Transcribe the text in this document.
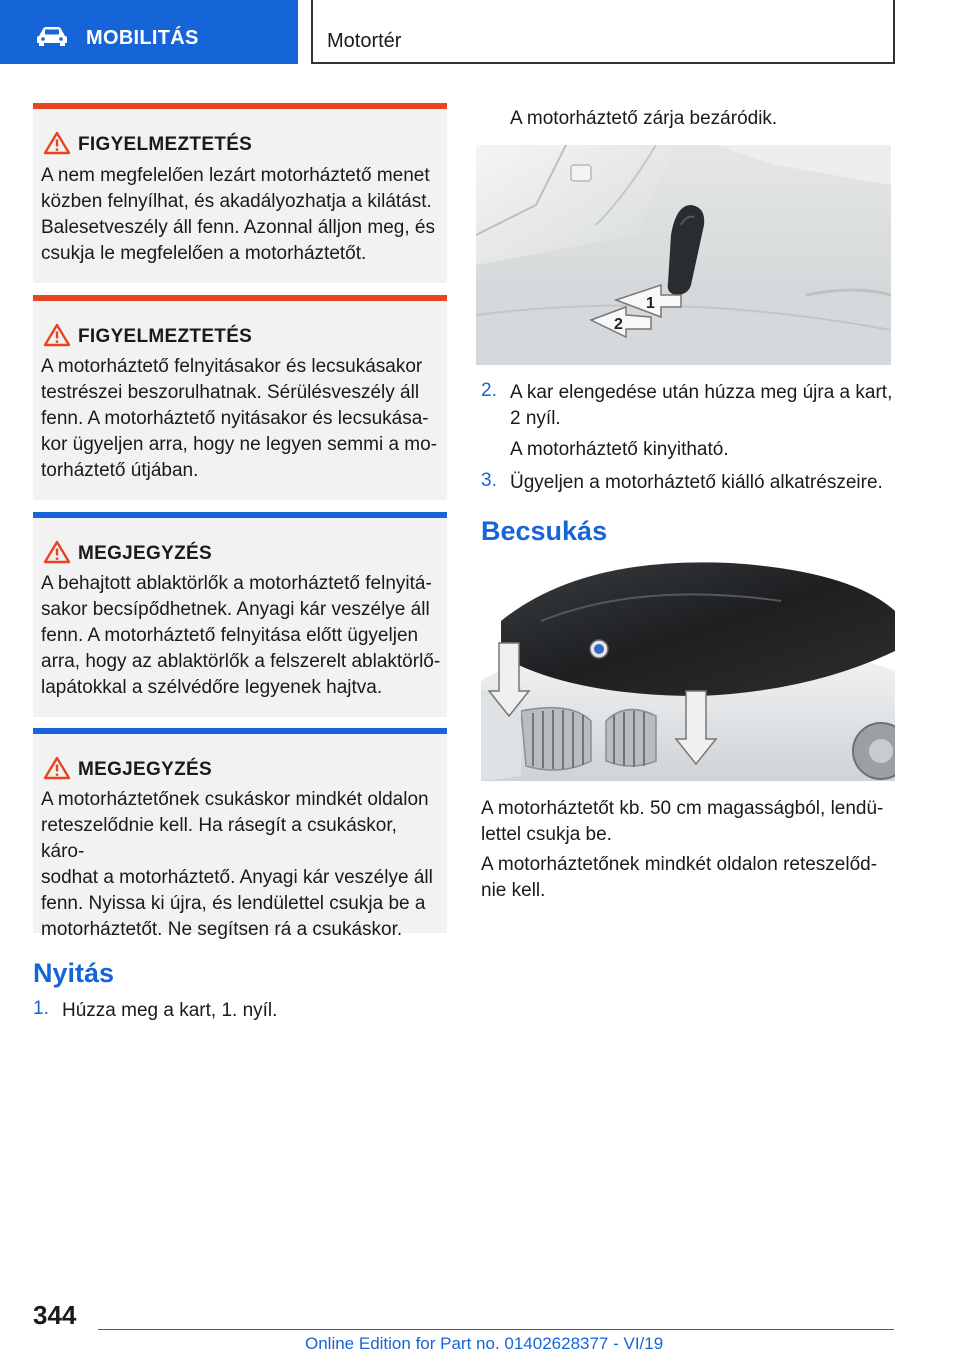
MOBILITÁS	Motortér
FIGYELMEZTETÉS
A nem megfelelően lezárt motorháztető menet
közben felnyílhat, és akadályozhatja a kilátást.
Balesetveszély áll fenn. Azonnal álljon meg, és
csukja le megfelelően a motorháztetőt.
FIGYELMEZTETÉS
A motorháztető felnyitásakor és lecsukásakor
testrészei beszorulhatnak. Sérülésveszély áll
fenn. A motorháztető nyitásakor és lecsukása-
kor ügyeljen arra, hogy ne legyen semmi a mo-
torháztető útjában.
MEGJEGYZÉS
A behajtott ablaktörlők a motorháztető felnyitá-
sakor becsípődhetnek. Anyagi kár veszélye áll
fenn. A motorháztető felnyitása előtt ügyeljen
arra, hogy az ablaktörlők a felszerelt ablaktörlő-
lapátokkal a szélvédőre legyenek hajtva.
MEGJEGYZÉS
A motorháztetőnek csukáskor mindkét oldalon
reteszelődnie kell. Ha rásegít a csukáskor, káro-
sodhat a motorháztető. Anyagi kár veszélye áll
fenn. Nyissa ki újra, és lendülettel csukja be a
motorháztetőt. Ne segítsen rá a csukáskor.
Nyitás
1. Húzza meg a kart, 1. nyíl.
A motorháztető zárja bezáródik.
1
2
2. A kar elengedése után húzza meg újra a kart,
2 nyíl.
A motorháztető kinyitható.
3. Ügyeljen a motorháztető kiálló alkatrészeire.
Becsukás
A motorháztetőt kb. 50 cm magasságból, lendü-
lettel csukja be.
A motorháztetőnek mindkét oldalon reteszelőd-
nie kell.
344
Online Edition for Part no. 01402628377 - VI/19
